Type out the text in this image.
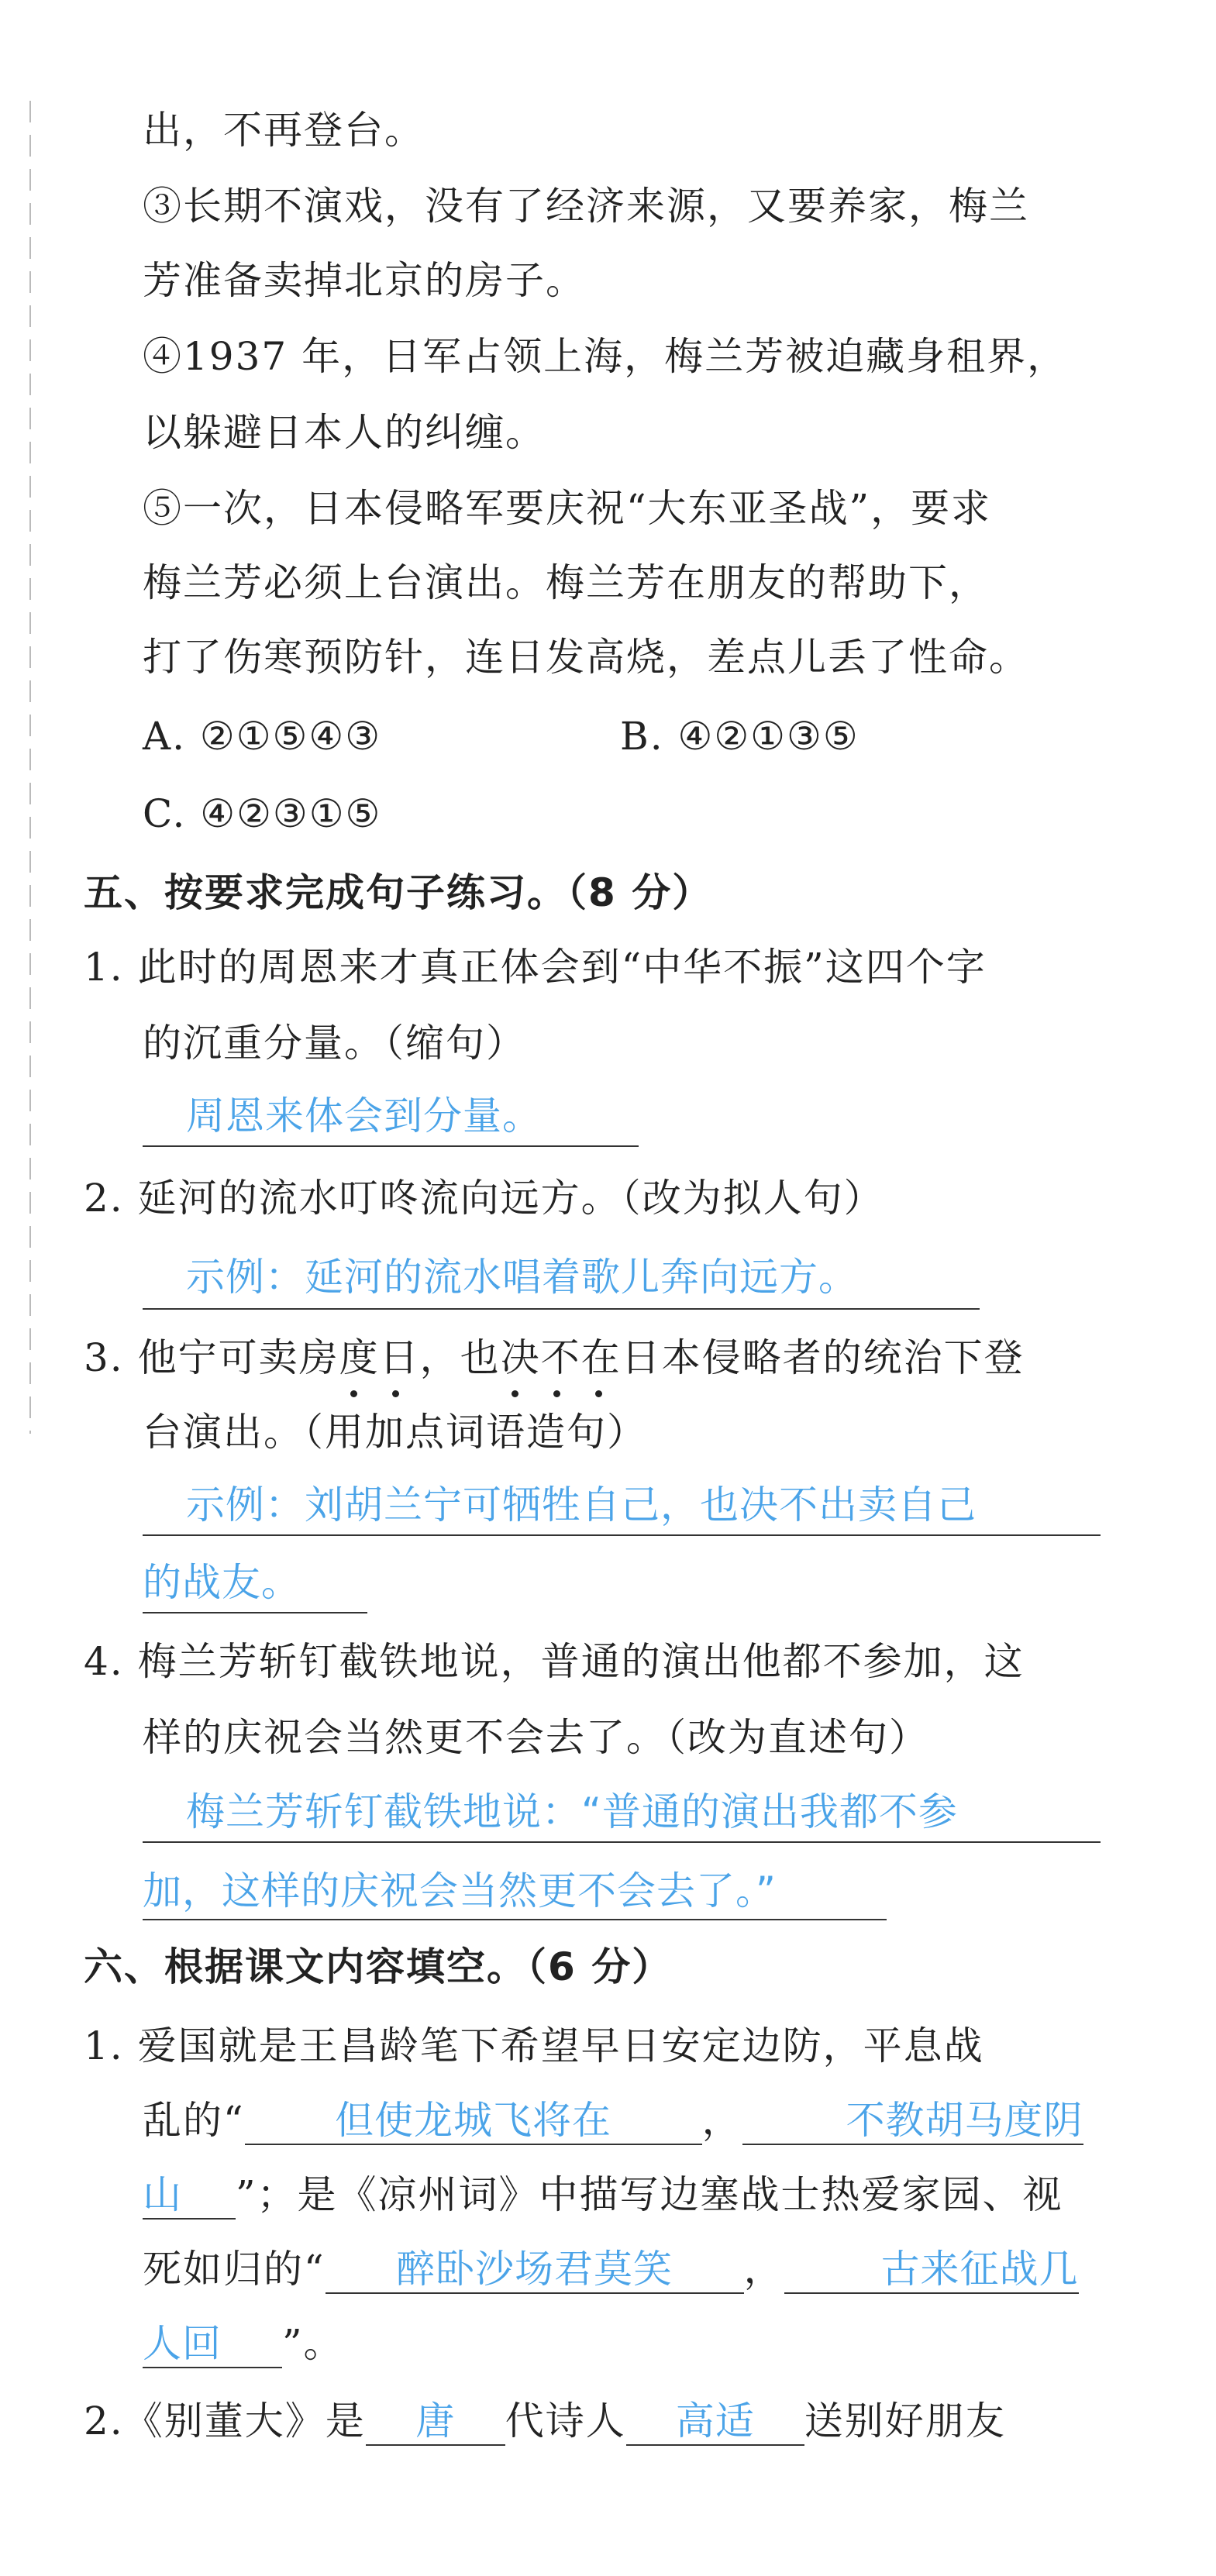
出，不再登台。
③长期不演戏，没有了经济来源，又要养家，梅兰
芳准备卖掉北京的房子。
④1937 年，日军占领上海，梅兰芳被迫藏身租界，
以躲避日本人的纠缠。
⑤一次，日本侵略军要庆祝“大东亚圣战”，要求
梅兰芳必须上台演出。梅兰芳在朋友的帮助下，
打了伤寒预防针，连日发高烧，差点儿丢了性命。
A. ②①⑤④③	B. ④②①③⑤
C. ④②③①⑤
五、按要求完成句子练习。（8 分）
1. 此时的周恩来才真正体会到“中华不振”这四个字
的沉重分量。（缩句）
周恩来体会到分量。
2. 延河的流水叮咚流向远方。（改为拟人句）
示例：延河的流水唱着歌儿奔向远方。
3. 他宁可卖房度日，也决不在日本侵略者的统治下登
台演出。（用加点词语造句）
示例：刘胡兰宁可牺牲自己，也决不出卖自己
的战友。
4. 梅兰芳斩钉截铁地说，普通的演出他都不参加，这
样的庆祝会当然更不会去了。（改为直述句）
梅兰芳斩钉截铁地说：“普通的演出我都不参
加，这样的庆祝会当然更不会去了。”
六、根据课文内容填空。（6 分）
1. 爱国就是王昌龄笔下希望早日安定边防，平息战
乱的“ 但使龙城飞将在 ，	不教胡马度阴
山 ”；是《凉州词》中描写边塞战士热爱家园、视
死如归的“ 醉卧沙场君莫笑 ，	古来征战几
人回 ”。
2.《别董大》是 唐 代诗人 高适 送别好朋友
